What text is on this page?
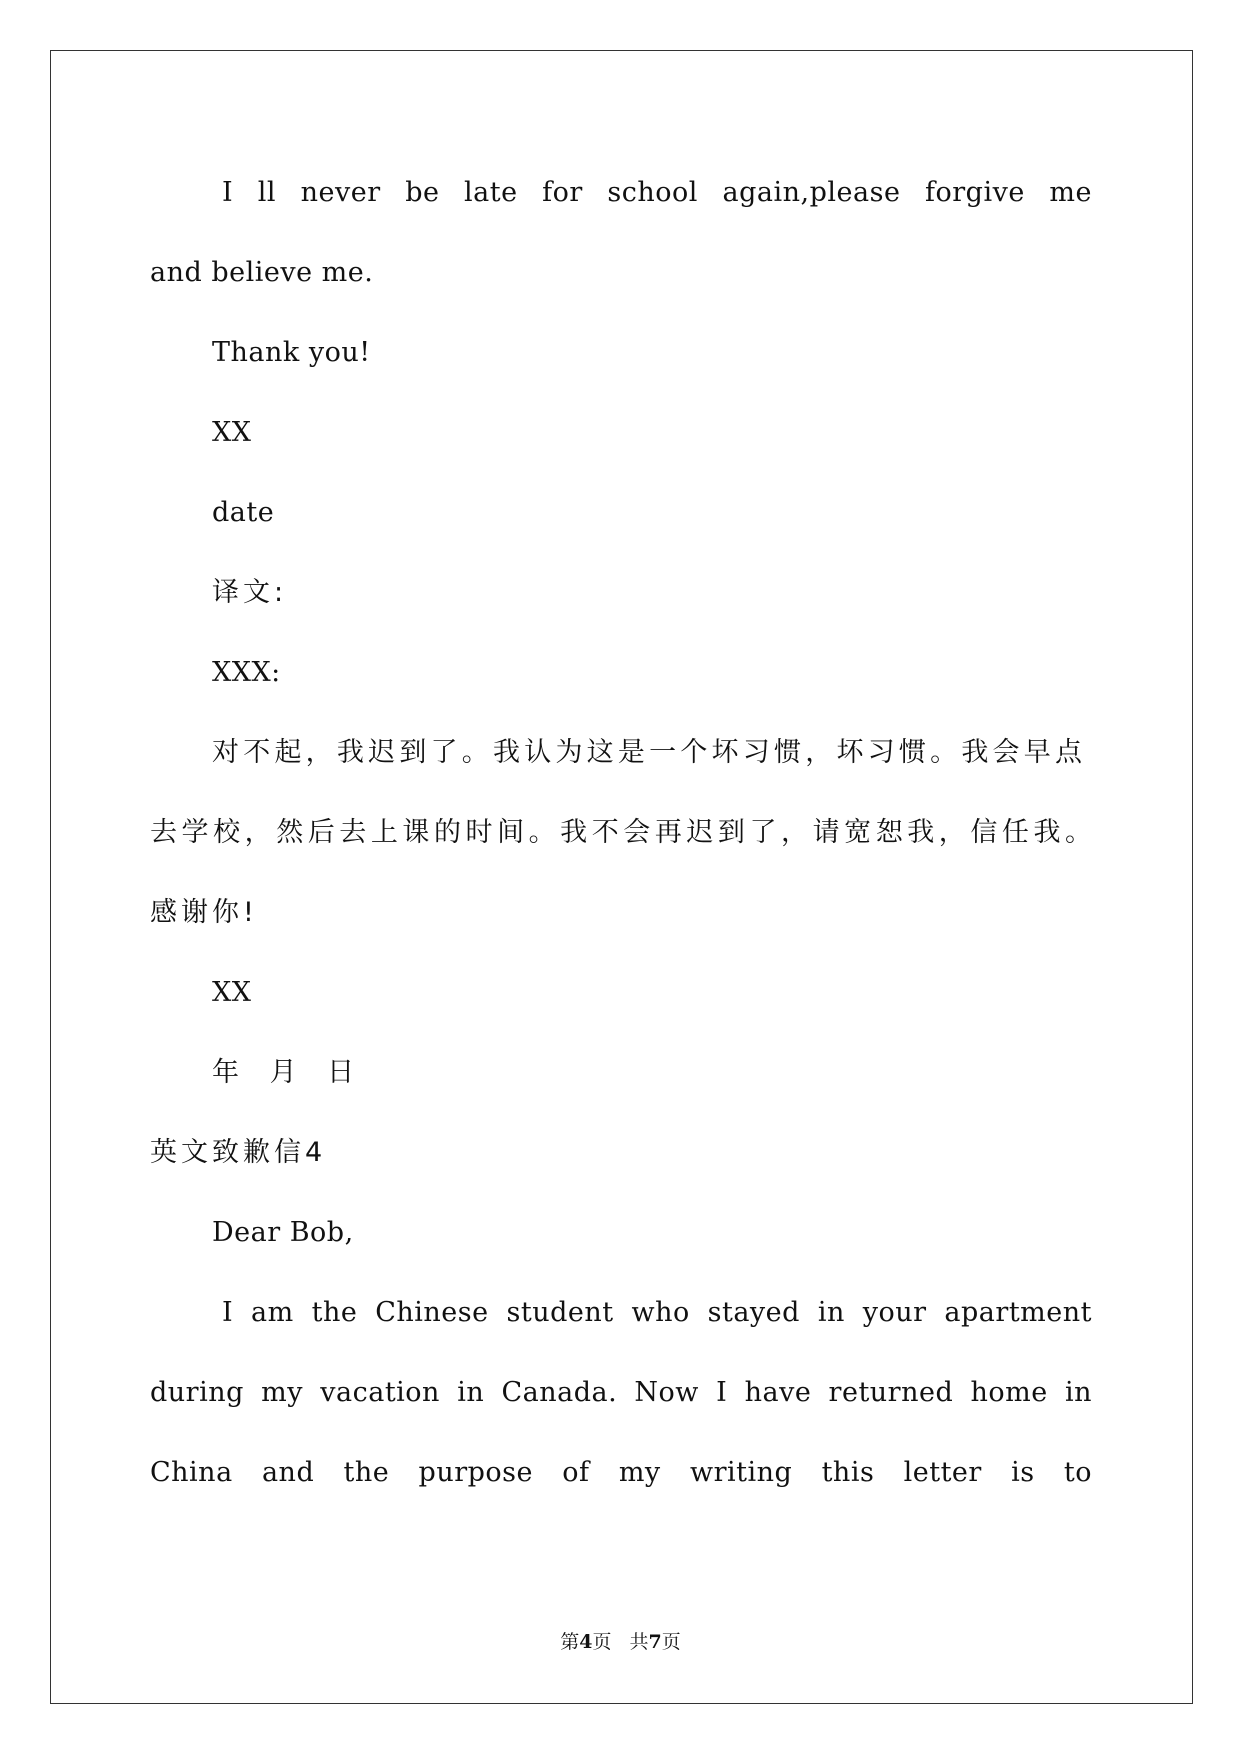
I ll never be late for school again,please forgive me
and believe me.
Thank you!
XX
date
译文:
XXX:
对不起，我迟到了。我认为这是一个坏习惯，坏习惯。我会早点
去学校，然后去上课的时间。我不会再迟到了，请宽恕我，信任我。
感谢你!
XX
年 月 日
英文致歉信4
Dear Bob,
I am the Chinese student who stayed in your apartment
during my vacation in Canada. Now I have returned home in
China and the purpose of my writing this letter is to
第4页 共7页
